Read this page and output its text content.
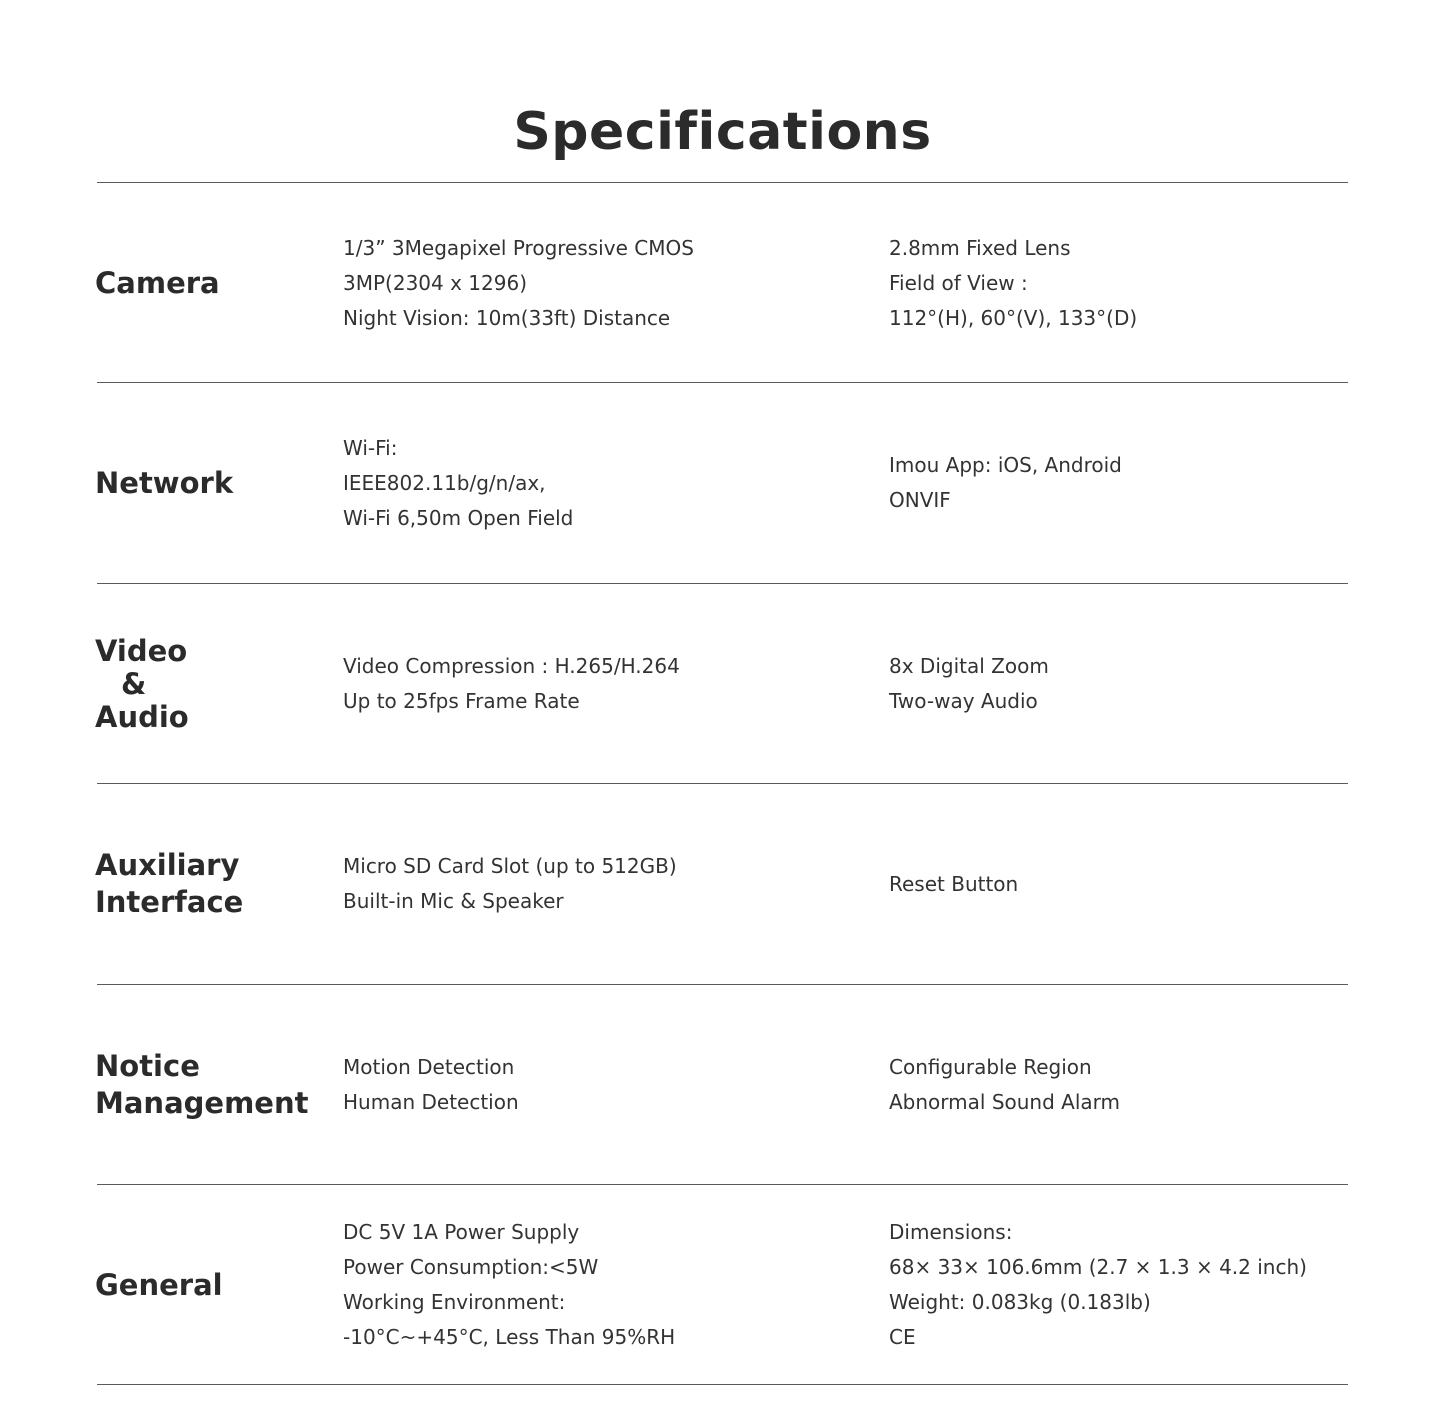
Specifications
Camera
1/3” 3Megapixel Progressive CMOS
3MP(2304 x 1296)
Night Vision: 10m(33ft) Distance
2.8mm Fixed Lens
Field of View :
112°(H), 60°(V), 133°(D)
Network
Wi-Fi:
IEEE802.11b/g/n/ax,
Wi-Fi 6,50m Open Field
Imou App: iOS, Android
ONVIF
Video
&
Audio
Video Compression : H.265/H.264
Up to 25fps Frame Rate
8x Digital Zoom
Two-way Audio
Auxiliary
Interface
Micro SD Card Slot (up to 512GB)
Built-in Mic & Speaker
Reset Button
Notice
Management
Motion Detection
Human Detection
Configurable Region
Abnormal Sound Alarm
General
DC 5V 1A Power Supply
Power Consumption:<5W
Working Environment:
-10°C~+45°C, Less Than 95%RH
Dimensions:
68× 33× 106.6mm (2.7 × 1.3 × 4.2 inch)
Weight: 0.083kg (0.183lb)
CE
